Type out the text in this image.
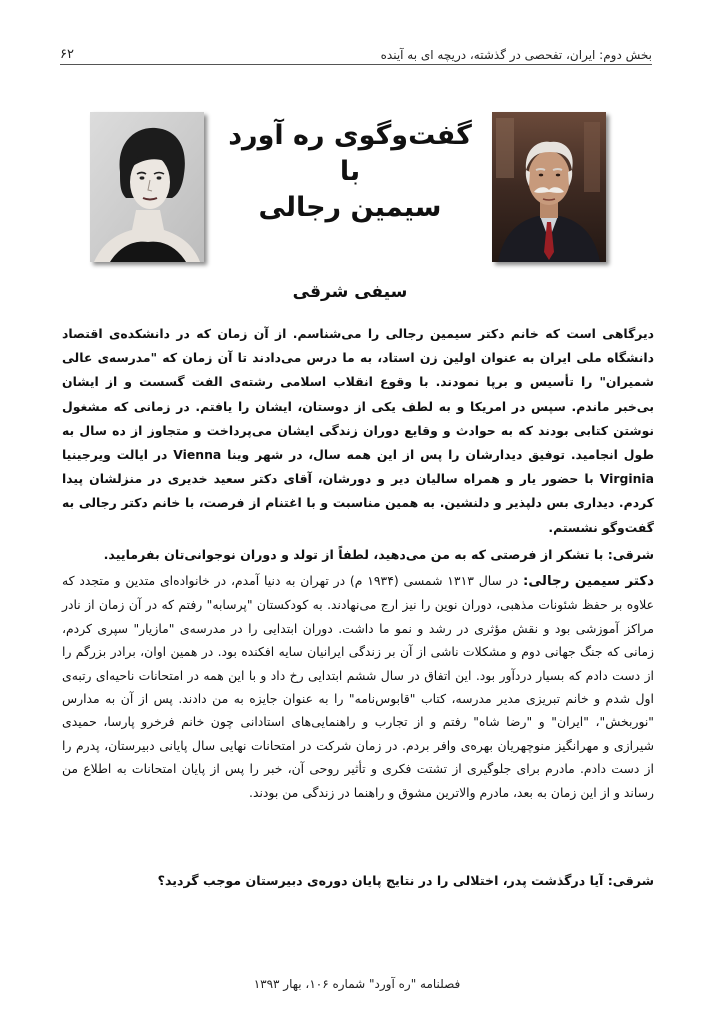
بخش دوم: ایران، تفحصی در گذشته، دریچه ای به آینده
۶۲
گفت‌وگوی ره آورد
با
سیمین رجالی
سیفی شرقی

دیرگاهی است که خانم دکتر سیمین رجالی را می‌شناسم. از آن زمان که در دانشکده‌ی اقتصاد دانشگاه ملی ایران به عنوان اولین زن استاد، به ما درس می‌دادند تا آن زمان که "مدرسه‌ی عالی شمیران" را تأسیس و برپا نمودند. با وقوع انقلاب اسلامی رشته‌ی الفت گسست و از ایشان بی‌خبر ماندم. سپس در امریکا و به لطف یکی از دوستان، ایشان را یافتم. در زمانی که مشغول نوشتن کتابی بودند که به حوادث و وقایع دوران زندگی ایشان می‌پرداخت و متجاوز از ده سال به طول انجامید. توفیق دیدارشان را پس از این همه سال، در شهر وینا Vienna در ایالت ویرجینیا Virginia با حضور یار و همراه سالیان دیر و دورشان، آقای دکتر سعید خدیری در منزلشان پیدا کردم. دیداری بس دلپذیر و دلنشین. به همین مناسبت و با اغتنام از فرصت، با خانم دکتر رجالی به گفت‌وگو نشستم.

شرقی: با تشکر از فرصتی که به من می‌دهید، لطفاً از تولد و دوران نوجوانی‌تان بفرمایید.

دکتر سیمین رجالی: در سال ۱۳۱۳ شمسی (۱۹۳۴ م) در تهران به دنیا آمدم، در خانواده‌ای متدین و متجدد که علاوه بر حفظ شئونات مذهبی، دوران نوین را نیز ارج می‌نهادند. به کودکستان "پرسابه" رفتم که در آن زمان از نادر مراکز آموزشی بود و نقش مؤثری در رشد و نمو ما داشت. دوران ابتدایی را در مدرسه‌ی "مازیار" سپری کردم، زمانی که جنگ جهانی دوم و مشکلات ناشی از آن بر زندگی ایرانیان سایه افکنده بود. در همین اوان، برادر بزرگم را از دست دادم که بسیار دردآور بود. این اتفاق در سال ششم ابتدایی رخ داد و با این همه در امتحانات ناحیه‌ای رتبه‌ی اول شدم و خانم تبریزی مدیر مدرسه، کتاب "قابوس‌نامه" را به عنوان جایزه به من دادند. پس از آن به مدارس "نوربخش"، "ایران" و "رضا شاه" رفتم و از تجارب و راهنمایی‌های استادانی چون خانم فرخرو پارسا، حمیدی شیرازی و مهرانگیز منوچهریان بهره‌ی وافر بردم. در زمان شرکت در امتحانات نهایی سال پایانی دبیرستان، پدرم را از دست دادم. مادرم برای جلوگیری از تشتت فکری و تأثیر روحی آن، خبر را پس از پایان امتحانات به اطلاع من رساند و از این زمان به بعد، مادرم والاترین مشوق و راهنما در زندگی من بودند.

شرقی: آیا درگذشت پدر، اختلالی را در نتایج پایان دوره‌ی دبیرستان موجب گردید؟
فصلنامه "ره آورد" شماره ۱۰۶، بهار ۱۳۹۳
